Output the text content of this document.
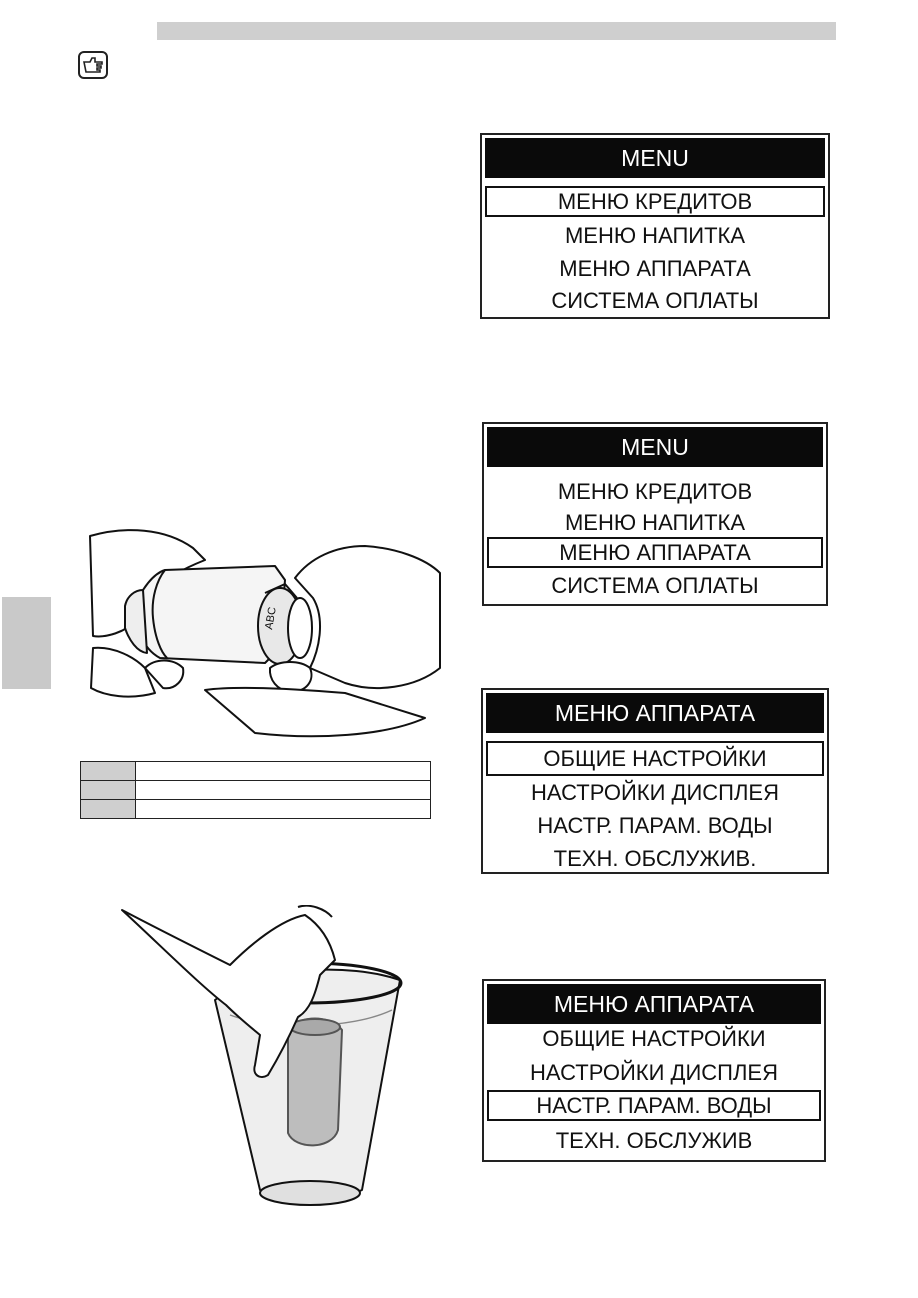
MENU
МЕНЮ КРЕДИТОВ
МЕНЮ НАПИТКА
МЕНЮ АППАРАТА
СИСТЕМА ОПЛАТЫ
MENU
МЕНЮ КРЕДИТОВ
МЕНЮ НАПИТКА
МЕНЮ АППАРАТА
СИСТЕМА ОПЛАТЫ
МЕНЮ АППАРАТА
ОБЩИЕ НАСТРОЙКИ
НАСТРОЙКИ ДИСПЛЕЯ
НАСТР. ПАРАМ. ВОДЫ
ТЕХН. ОБСЛУЖИВ.
МЕНЮ АППАРАТА
ОБЩИЕ НАСТРОЙКИ
НАСТРОЙКИ ДИСПЛЕЯ
НАСТР. ПАРАМ. ВОДЫ
ТЕХН. ОБСЛУЖИВ
ABC
